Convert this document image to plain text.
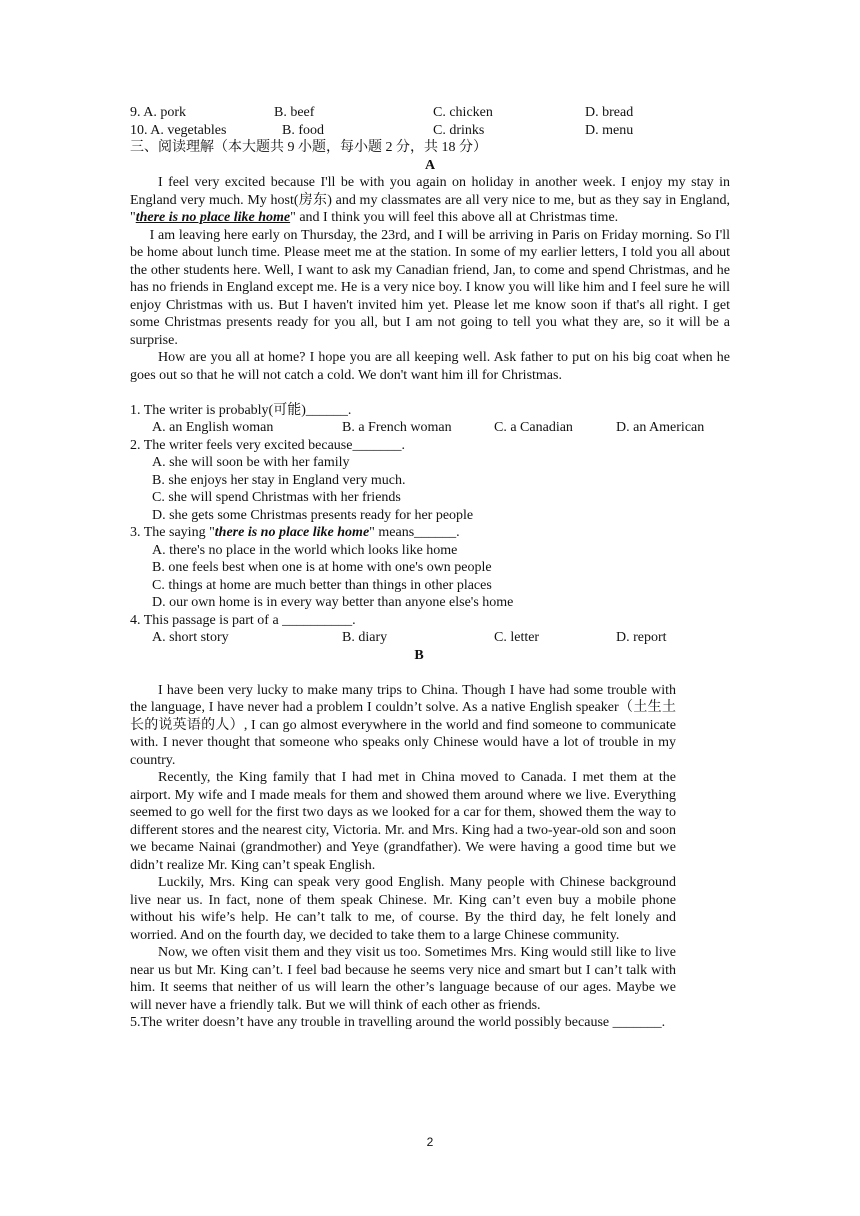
9. A. pork	B. beef	C. chicken	D. bread
10. A. vegetables	B. food	C. drinks	D. menu
三、阅读理解（本大题共 9 小题，每小题 2 分，共 18 分）
A

I feel very excited because I'll be with you again on holiday in another week. I enjoy my stay in England very much. My host(房东) and my classmates are all very nice to me, but as they say in England, "there is no place like home" and I think you will feel this above all at Christmas time.

I am leaving here early on Thursday, the 23rd, and I will be arriving in Paris on Friday morning. So I'll be home about lunch time. Please meet me at the station. In some of my earlier letters, I told you all about the other students here. Well, I want to ask my Canadian friend, Jan, to come and spend Christmas, and he has no friends in England except me. He is a very nice boy. I know you will like him and I feel sure he will enjoy Christmas with us. But I haven't invited him yet. Please let me know soon if that's all right. I get some Christmas presents ready for you all, but I am not going to tell you what they are, so it will be a surprise.

How are you all at home? I hope you are all keeping well. Ask father to put on his big coat when he goes out so that he will not catch a cold. We don't want him ill for Christmas.

1. The writer is probably(可能)______.
A. an English woman	B. a French woman	C. a Canadian	D. an American
2. The writer feels very excited because_______.
A. she will soon be with her family
B. she enjoys her stay in England very much.
C. she will spend Christmas with her friends
D. she gets some Christmas presents ready for her people
3. The saying "there is no place like home" means______.
A. there's no place in the world which looks like home
B. one feels best when one is at home with one's own people
C. things at home are much better than things in other places
D. our own home is in every way better than anyone else's home
4. This passage is part of a __________.
A. short story	B. diary	C. letter	D. report
B

I have been very lucky to make many trips to China. Though I have had some trouble with the language, I have never had a problem I couldn’t solve. As a native English speaker（土生土长的说英语的人）, I can go almost everywhere in the world and find someone to communicate with. I never thought that someone who speaks only Chinese would have a lot of trouble in my country.

Recently, the King family that I had met in China moved to Canada. I met them at the airport. My wife and I made meals for them and showed them around where we live. Everything seemed to go well for the first two days as we looked for a car for them, showed them the way to different stores and the nearest city, Victoria. Mr. and Mrs. King had a two-year-old son and soon we became Nainai (grandmother) and Yeye (grandfather). We were having a good time but we didn’t realize Mr. King can’t speak English.

Luckily, Mrs. King can speak very good English. Many people with Chinese background live near us. In fact, none of them speak Chinese. Mr. King can’t even buy a mobile phone without his wife’s help. He can’t talk to me, of course. By the third day, he felt lonely and worried. And on the fourth day, we decided to take them to a large Chinese community.

Now, we often visit them and they visit us too. Sometimes Mrs. King would still like to live near us but Mr. King can’t. I feel bad because he seems very nice and smart but I can’t talk with him. It seems that neither of us will learn the other’s language because of our ages. Maybe we will never have a friendly talk. But we will think of each other as friends.

5.The writer doesn’t have any trouble in travelling around the world possibly because _______.
2
